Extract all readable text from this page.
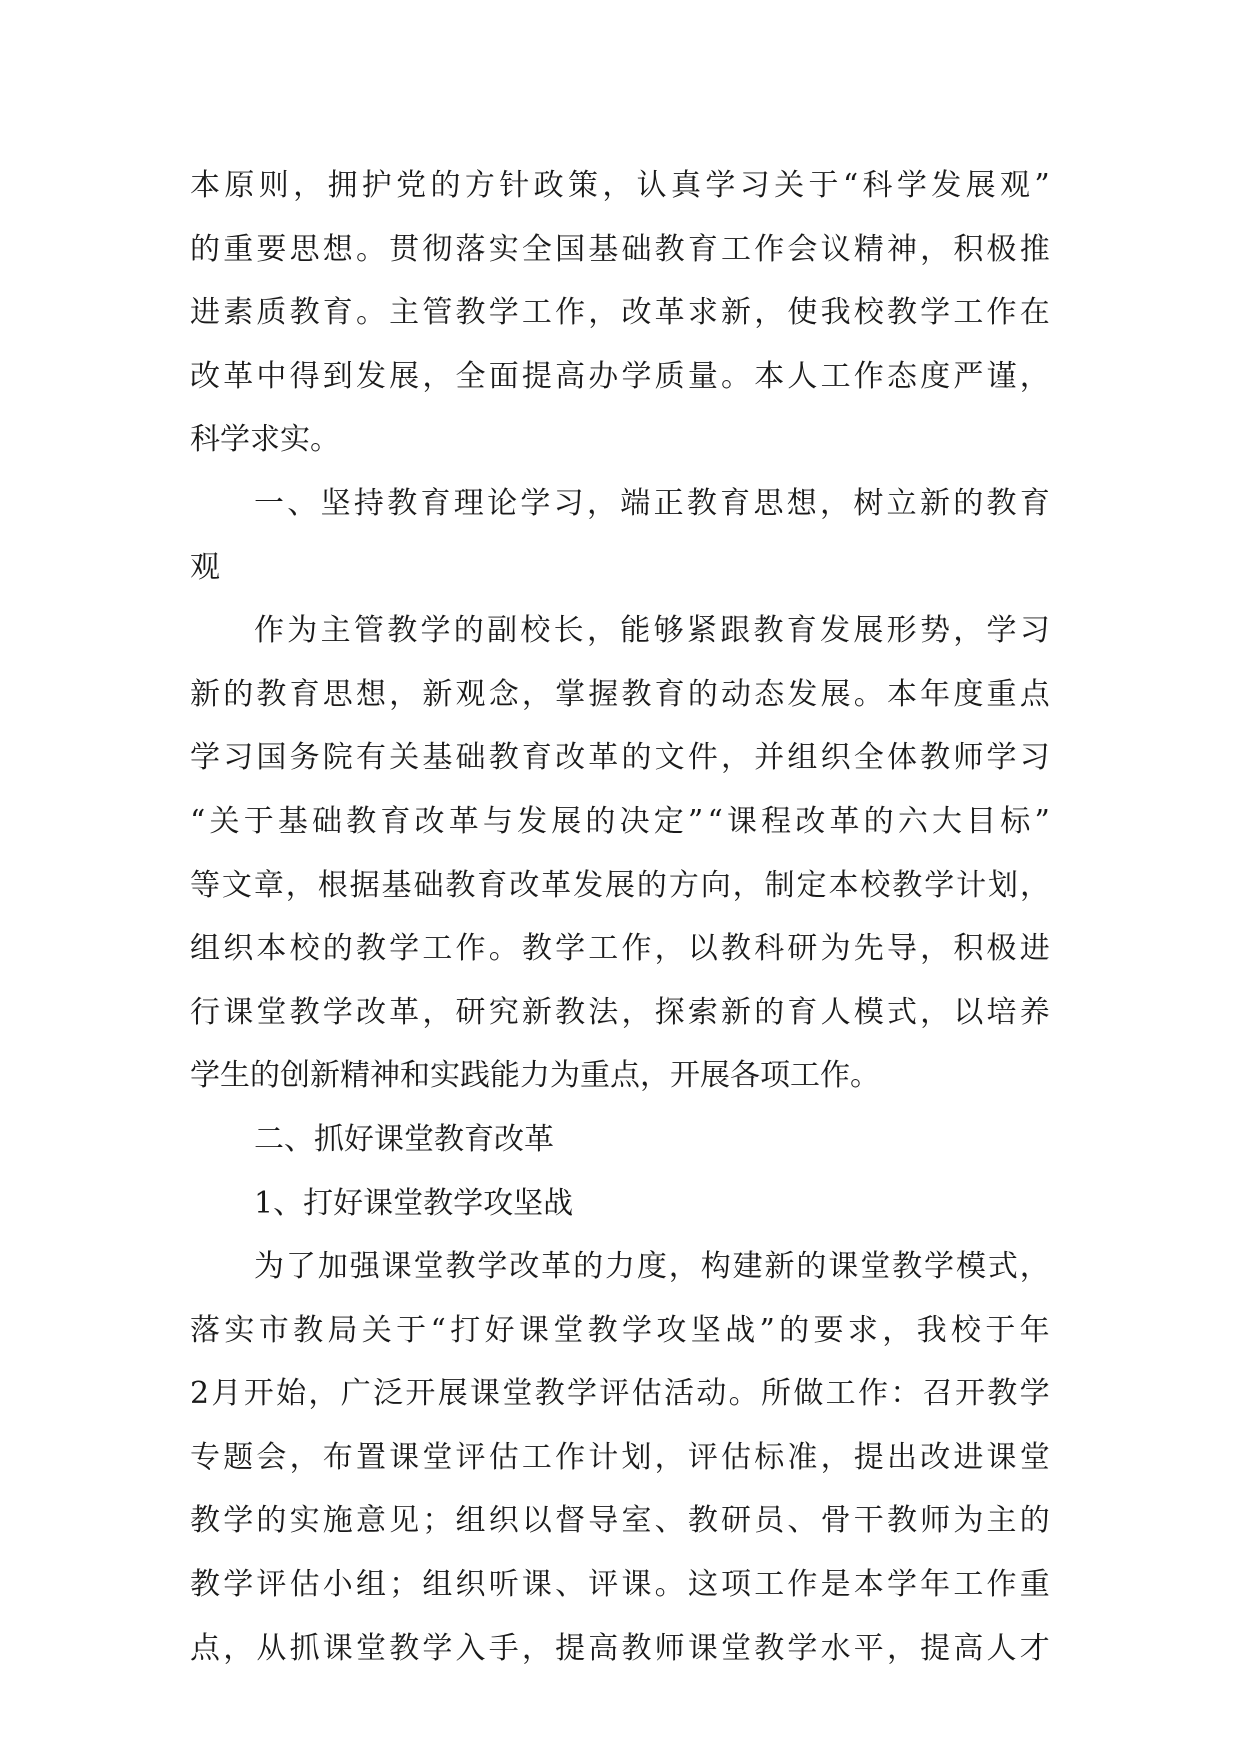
本 原 则 ， 拥 护 党 的 方 针 政 策 ， 认 真 学 习 关 于 “ 科 学 发 展 观 ”
的 重 要 思 想 。 贯 彻 落 实 全 国 基 础 教 育 工 作 会 议 精 神 ， 积 极 推
进 素 质 教 育 。 主 管 教 学 工 作 ， 改 革 求 新 ， 使 我 校 教 学 工 作 在
改 革 中 得 到 发 展 ， 全 面 提 高 办 学 质 量 。 本 人 工 作 态 度 严 谨 ，
科学求实。
一 、 坚 持 教 育 理 论 学 习 ， 端 正 教 育 思 想 ， 树 立 新 的 教 育
观
作 为 主 管 教 学 的 副 校 长 ， 能 够 紧 跟 教 育 发 展 形 势 ， 学 习
新 的 教 育 思 想 ， 新 观 念 ， 掌 握 教 育 的 动 态 发 展 。 本 年 度 重 点
学 习 国 务 院 有 关 基 础 教 育 改 革 的 文 件 ， 并 组 织 全 体 教 师 学 习
“ 关 于 基 础 教 育 改 革 与 发 展 的 决 定 ” “ 课 程 改 革 的 六 大 目 标 ”
等 文 章 ， 根 据 基 础 教 育 改 革 发 展 的 方 向 ， 制 定 本 校 教 学 计 划 ，
组 织 本 校 的 教 学 工 作 。 教 学 工 作 ， 以 教 科 研 为 先 导 ， 积 极 进
行 课 堂 教 学 改 革 ， 研 究 新 教 法 ， 探 索 新 的 育 人 模 式 ， 以 培 养
学生的创新精神和实践能力为重点，开展各项工作。
二、抓好课堂教育改革
1、打好课堂教学攻坚战
为 了 加 强 课 堂 教 学 改 革 的 力 度 ， 构 建 新 的 课 堂 教 学 模 式 ，
落 实 市 教 局 关 于 “ 打 好 课 堂 教 学 攻 坚 战 ” 的 要 求 ， 我 校 于 年
2 月 开 始 ， 广 泛 开 展 课 堂 教 学 评 估 活 动 。 所 做 工 作 ： 召 开 教 学
专 题 会 ， 布 置 课 堂 评 估 工 作 计 划 ， 评 估 标 准 ， 提 出 改 进 课 堂
教 学 的 实 施 意 见 ； 组 织 以 督 导 室 、 教 研 员 、 骨 干 教 师 为 主 的
教 学 评 估 小 组 ； 组 织 听 课 、 评 课 。 这 项 工 作 是 本 学 年 工 作 重
点 ， 从 抓 课 堂 教 学 入 手 ， 提 高 教 师 课 堂 教 学 水 平 ， 提 高 人 才
